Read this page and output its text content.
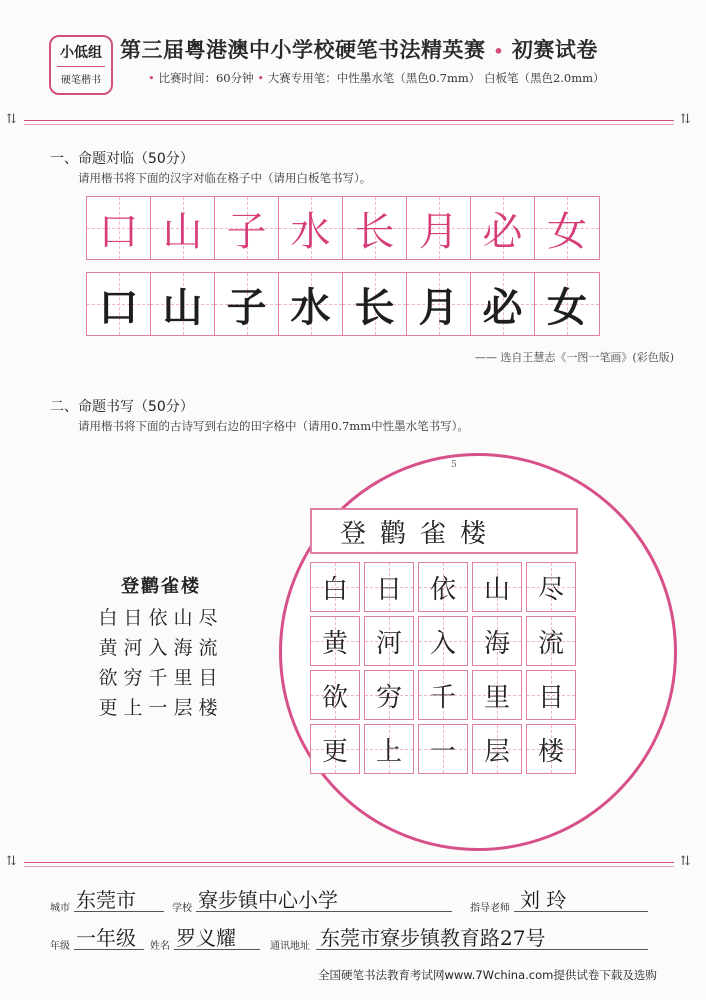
小低组
硬笔楷书
第三届粤港澳中小学校硬笔书法精英赛 • 初赛试卷
• 比赛时间：60分钟 • 大赛专用笔：中性墨水笔（黑色0.7mm） 白板笔（黑色2.0mm）
⇅	⇅
一、命题对临（50分）
请用楷书将下面的汉字对临在格子中（请用白板笔书写）。
口 山 子 水 长 月 必 女
口 山 子 水 长 月 必 女
—— 选自王慧志《一图一笔画》(彩色版)
二、命题书写（50分）
请用楷书将下面的古诗写到右边的田字格中（请用0.7mm中性墨水笔书写）。
登鹳雀楼
白日依山尽
黄河入海流
欲穷千里目
更上一层楼
5
登鹳雀楼
白 日 依 山 尽
黄 河 入 海 流
欲 穷 千 里 目
更 上 一 层 楼
⇅	⇅
城市 东莞市	学校 寮步镇中心小学	指导老师 刘 玲
年级 一年级 姓名 罗义耀	通讯地址 东莞市寮步镇教育路27号
全国硬笔书法教育考试网www.7Wchina.com提供试卷下载及选购
